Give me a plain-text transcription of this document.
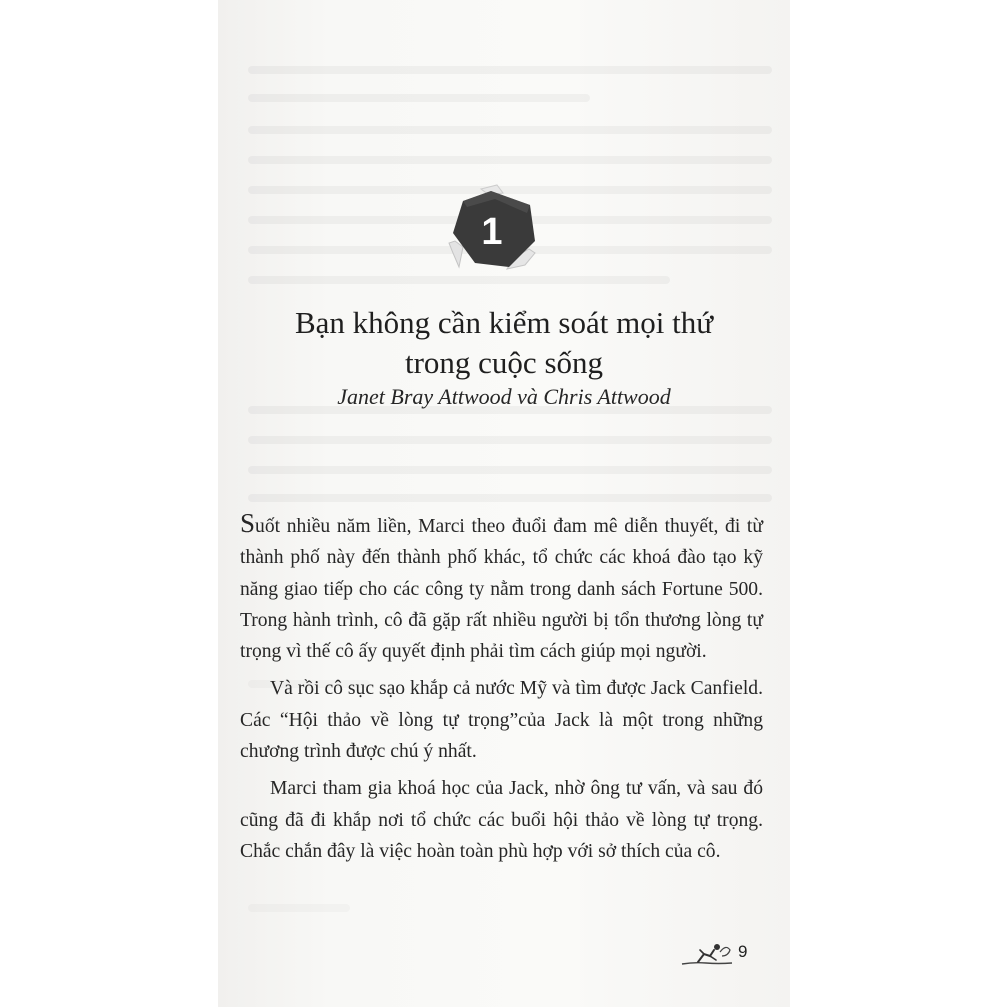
1
Bạn không cần kiểm soát mọi thứ
trong cuộc sống
Janet Bray Attwood và Chris Attwood

Suốt nhiều năm liền, Marci theo đuổi đam mê diễn thuyết, đi từ thành phố này đến thành phố khác, tổ chức các khoá đào tạo kỹ năng giao tiếp cho các công ty nằm trong danh sách Fortune 500. Trong hành trình, cô đã gặp rất nhiều người bị tổn thương lòng tự trọng vì thế cô ấy quyết định phải tìm cách giúp mọi người.

Và rồi cô sục sạo khắp cả nước Mỹ và tìm được Jack Canfield. Các “Hội thảo về lòng tự trọng”của Jack là một trong những chương trình được chú ý nhất.

Marci tham gia khoá học của Jack, nhờ ông tư vấn, và sau đó cũng đã đi khắp nơi tổ chức các buổi hội thảo về lòng tự trọng. Chắc chắn đây là việc hoàn toàn phù hợp với sở thích của cô.

9
